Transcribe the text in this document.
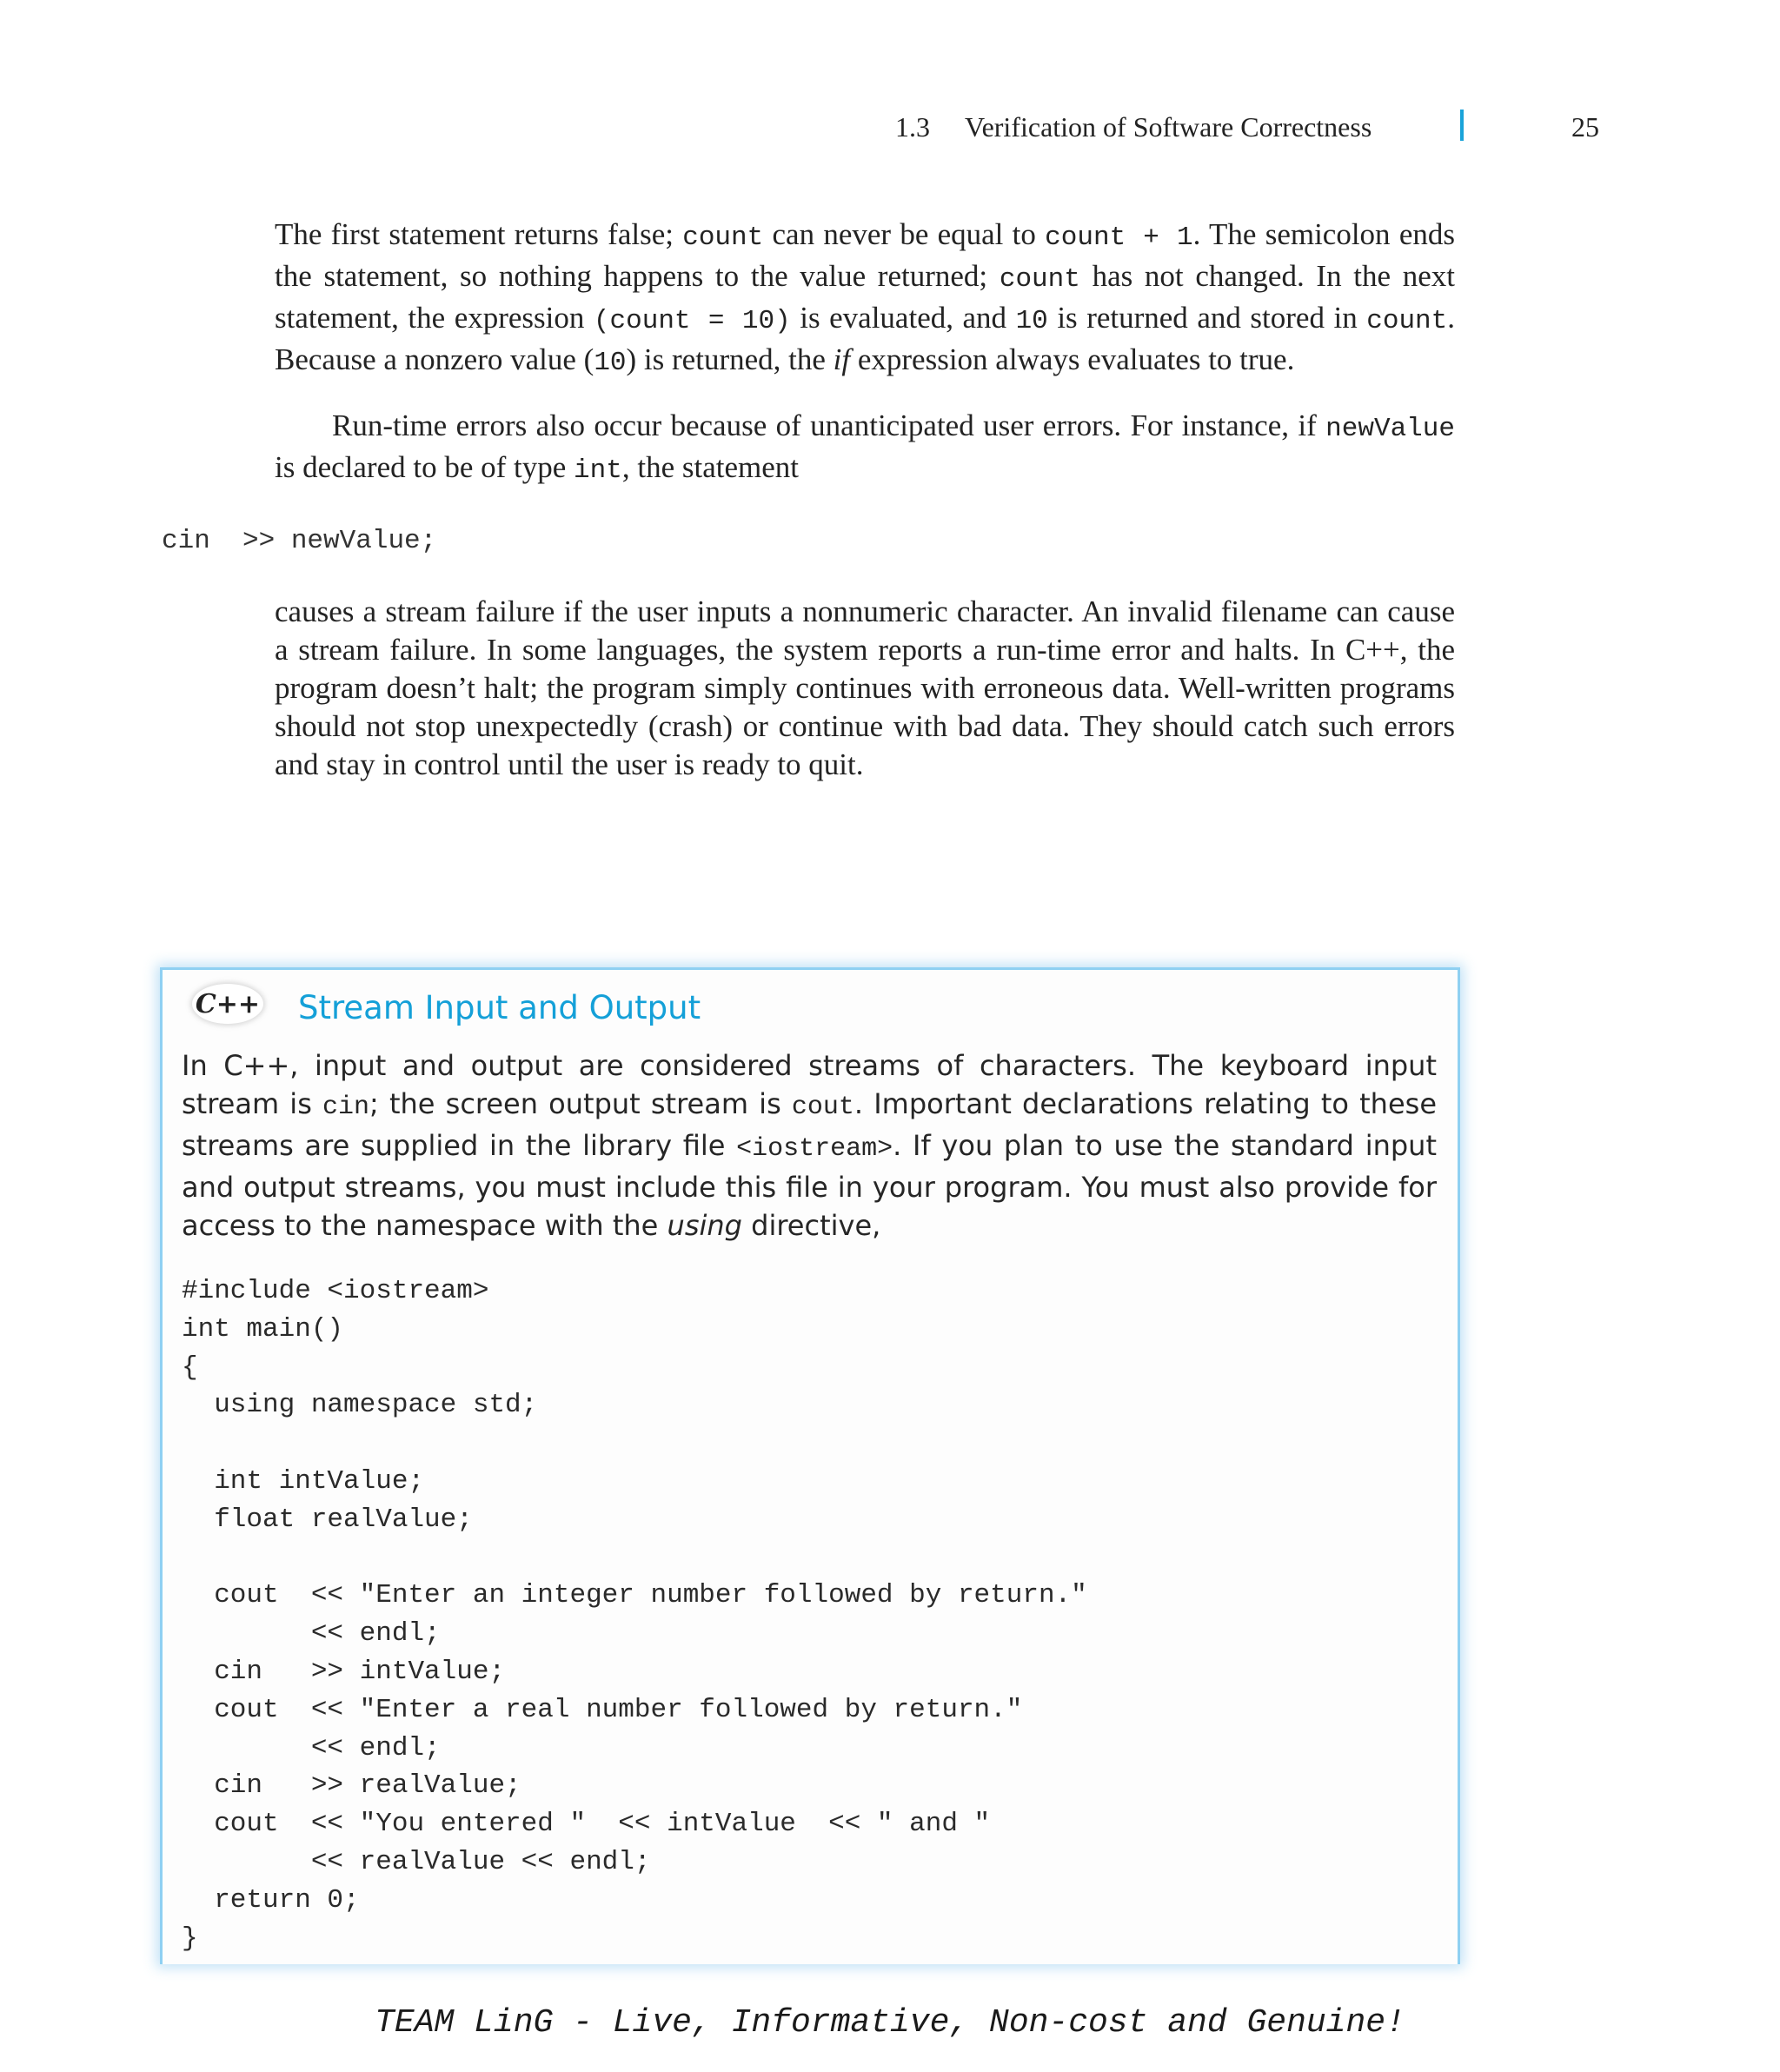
1.3 Verification of Software Correctness	25
The first statement returns false; count can never be equal to count + 1. The semicolon ends the statement, so nothing happens to the value returned; count has not changed. In the next statement, the expression (count = 10) is evaluated, and 10 is returned and stored in count. Because a nonzero value (10) is returned, the if expression always evaluates to true.
Run-time errors also occur because of unanticipated user errors. For instance, if newValue is declared to be of type int, the statement
cin  >> newValue;
causes a stream failure if the user inputs a nonnumeric character. An invalid filename can cause a stream failure. In some languages, the system reports a run-time error and halts. In C++, the program doesn’t halt; the program simply continues with erroneous data. Well-written programs should not stop unexpectedly (crash) or continue with bad data. They should catch such errors and stay in control until the user is ready to quit.
C++ Stream Input and Output
In C++, input and output are considered streams of characters. The keyboard input stream is cin; the screen output stream is cout. Important declarations relating to these streams are supplied in the library file <iostream>. If you plan to use the standard input and output streams, you must include this file in your program. You must also provide for access to the namespace with the using directive,
#include <iostream>
int main()
{
using namespace std;

int intValue;
float realValue;

cout  << "Enter an integer number followed by return."
<< endl;
cin   >> intValue;
cout  << "Enter a real number followed by return."
<< endl;
cin   >> realValue;
cout  << "You entered "  << intValue  << " and "
<< realValue << endl;
return 0;
}
TEAM LinG - Live, Informative, Non-cost and Genuine!
